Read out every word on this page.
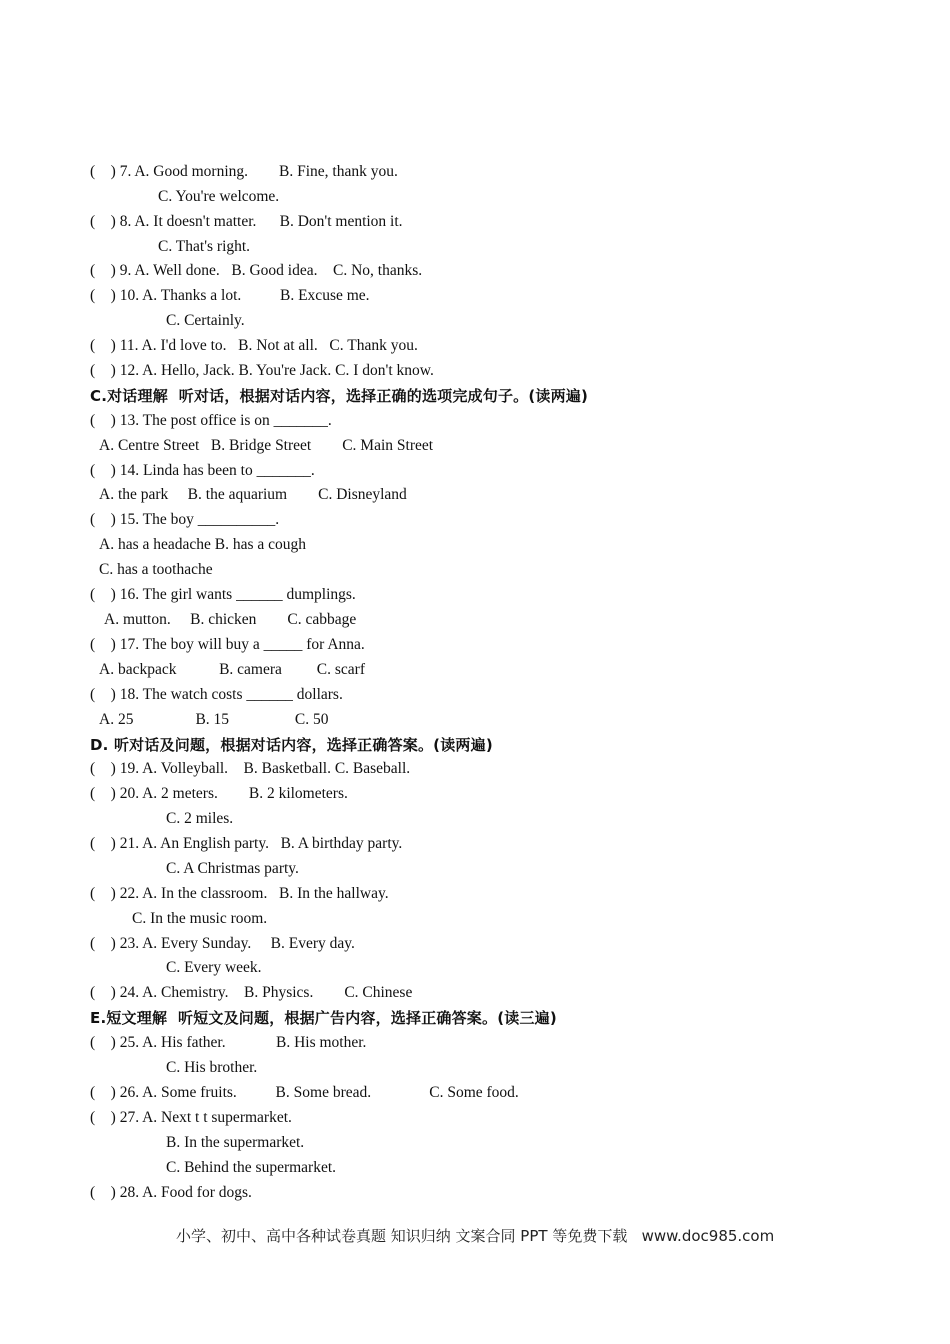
(    ) 7. A. Good morning.        B. Fine, thank you.
C. You're welcome.
(    ) 8. A. It doesn't matter.      B. Don't mention it.
C. That's right.
(    ) 9. A. Well done.   B. Good idea.    C. No, thanks.
(    ) 10. A. Thanks a lot.          B. Excuse me.
C. Certainly.
(    ) 11. A. I'd love to.   B. Not at all.   C. Thank you.
(    ) 12. A. Hello, Jack. B. You're Jack. C. I don't know.
C.对话理解  听对话，根据对话内容，选择正确的选项完成句子。(读两遍)
(    ) 13. The post office is on _______.
A. Centre Street   B. Bridge Street        C. Main Street
(    ) 14. Linda has been to _______.
A. the park     B. the aquarium        C. Disneyland
(    ) 15. The boy __________.
A. has a headache B. has a cough
C. has a toothache
(    ) 16. The girl wants ______ dumplings.
A. mutton.     B. chicken        C. cabbage
(    ) 17. The boy will buy a _____ for Anna.
A. backpack           B. camera         C. scarf
(    ) 18. The watch costs ______ dollars.
A. 25                B. 15                 C. 50
D. 听对话及问题，根据对话内容，选择正确答案。(读两遍)
(    ) 19. A. Volleyball.    B. Basketball. C. Baseball.
(    ) 20. A. 2 meters.        B. 2 kilometers.
C. 2 miles.
(    ) 21. A. An English party.   B. A birthday party.
C. A Christmas party.
(    ) 22. A. In the classroom.   B. In the hallway.
C. In the music room.
(    ) 23. A. Every Sunday.     B. Every day.
C. Every week.
(    ) 24. A. Chemistry.    B. Physics.        C. Chinese
E.短文理解  听短文及问题，根据广告内容，选择正确答案。(读三遍)
(    ) 25. A. His father.             B. His mother.
C. His brother.
(    ) 26. A. Some fruits.          B. Some bread.               C. Some food.
(    ) 27. A. Next t t supermarket.
B. In the supermarket.
C. Behind the supermarket.
(    ) 28. A. Food for dogs.
小学、初中、高中各种试卷真题 知识归纳 文案合同 PPT 等免费下载   www.doc985.com
